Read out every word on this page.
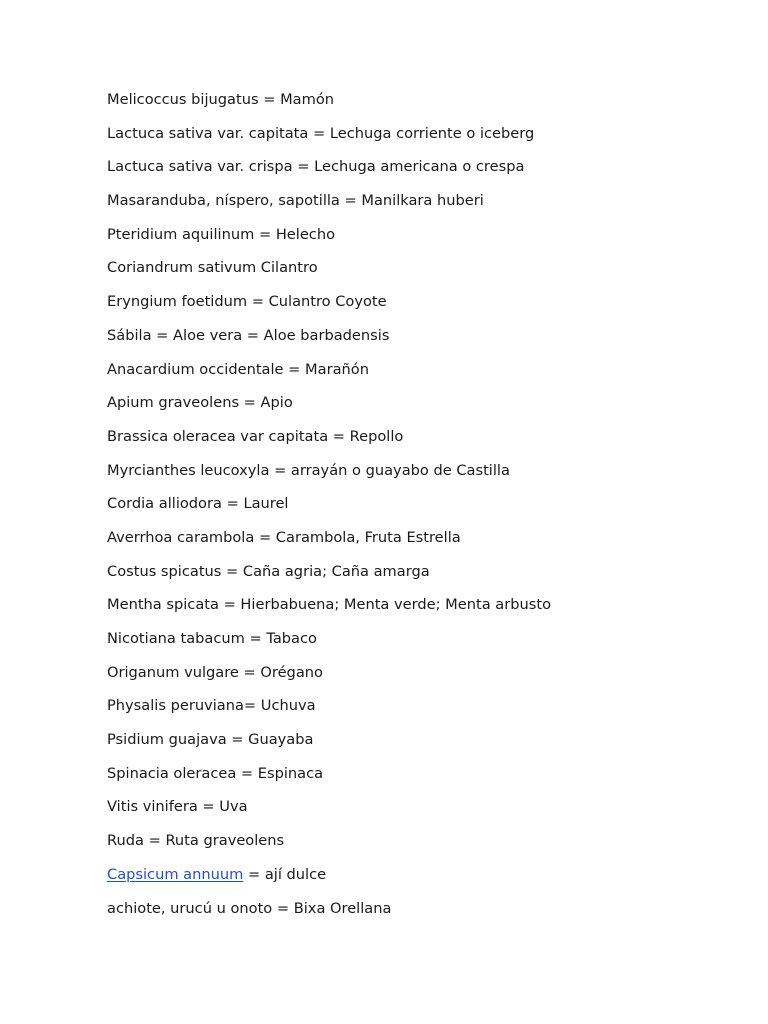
Melicoccus bijugatus = Mamón
Lactuca sativa var. capitata = Lechuga corriente o iceberg
Lactuca sativa var. crispa = Lechuga americana o crespa
Masaranduba, níspero, sapotilla = Manilkara huberi
Pteridium aquilinum = Helecho
Coriandrum sativum Cilantro
Eryngium foetidum = Culantro Coyote
Sábila = Aloe vera = Aloe barbadensis
Anacardium occidentale = Marañón
Apium graveolens = Apio
Brassica oleracea var capitata = Repollo
Myrcianthes leucoxyla = arrayán o guayabo de Castilla
Cordia alliodora = Laurel
Averrhoa carambola = Carambola, Fruta Estrella
Costus spicatus = Caña agria; Caña amarga
Mentha spicata = Hierbabuena; Menta verde; Menta arbusto
Nicotiana tabacum = Tabaco
Origanum vulgare = Orégano
Physalis peruviana= Uchuva
Psidium guajava = Guayaba
Spinacia oleracea = Espinaca
Vitis vinifera = Uva
Ruda = Ruta graveolens
Capsicum annuum = ají dulce
achiote, urucú u onoto = Bixa Orellana
